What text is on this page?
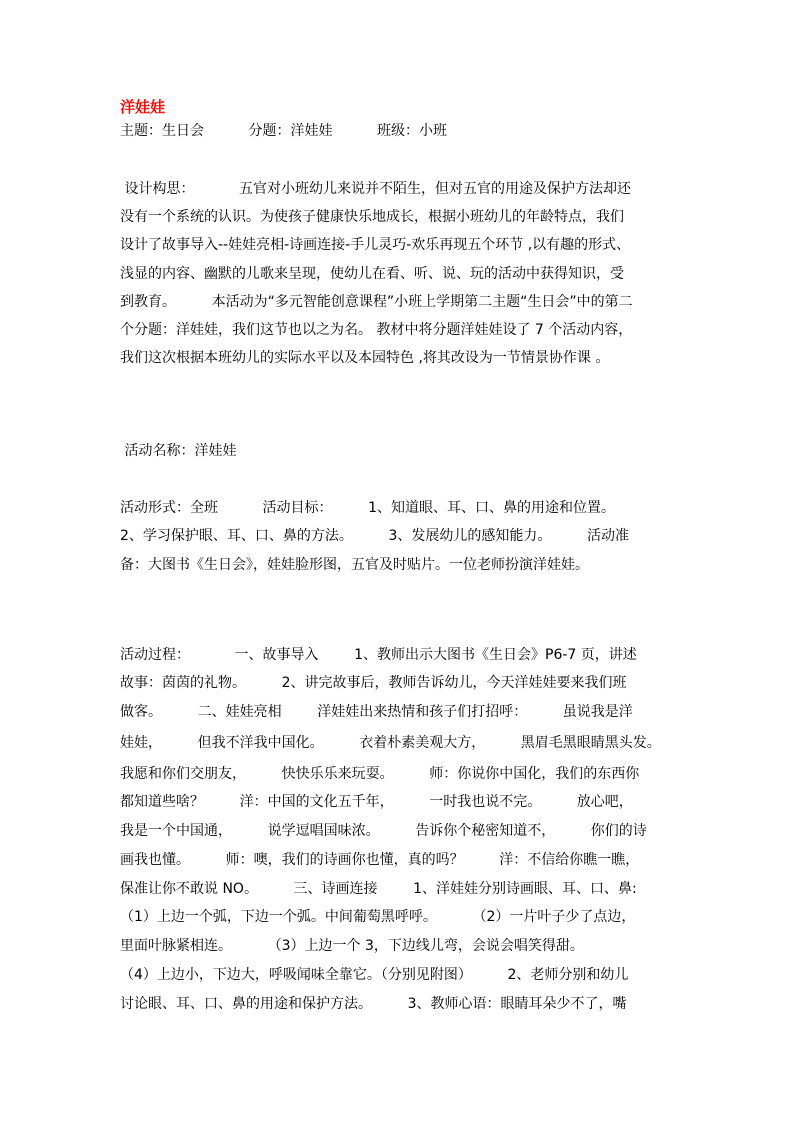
洋娃娃
主题：生日会          分题：洋娃娃          班级：小班
设计构思：          五官对小班幼儿来说并不陌生，但对五官的用途及保护方法却还
没有一个系统的认识。为使孩子健康快乐地成长，根据小班幼儿的年龄特点，我们
设计了故事导入--娃娃亮相-诗画连接-手儿灵巧-欢乐再现五个环节 ,以有趣的形式、
浅显的内容、幽默的儿歌来呈现，使幼儿在看、听、说、玩的活动中获得知识，受
到教育。        本活动为“多元智能创意课程”小班上学期第二主题“生日会”中的第二
个分题：洋娃娃，我们这节也以之为名。 教材中将分题洋娃娃设了 7 个活动内容，
我们这次根据本班幼儿的实际水平以及本园特色 ,将其改设为一节情景协作课 。
活动名称：洋娃娃
活动形式：全班          活动目标：        1、知道眼、耳、口、鼻的用途和位置。
2、学习保护眼、耳、口、鼻的方法。        3、发展幼儿的感知能力。        活动准
备：大图书《生日会》，娃娃脸形图，五官及时贴片。一位老师扮演洋娃娃。
活动过程：          一、故事导入        1、教师出示大图书《生日会》P6-7 页，讲述
故事：茵茵的礼物。        2、讲完故事后，教师告诉幼儿，今天洋娃娃要来我们班
做客。        二、娃娃亮相        洋娃娃出来热情和孩子们打招呼：        虽说我是洋
娃娃，        但我不洋我中国化。        衣着朴素美观大方，        黑眉毛黑眼睛黑头发。
我愿和你们交朋友，        快快乐乐来玩耍。        师：你说你中国化，我们的东西你
都知道些啥？        洋：中国的文化五千年，        一时我也说不完。        放心吧，
我是一个中国通，        说学逗唱国味浓。        告诉你个秘密知道不，        你们的诗
画我也懂。        师：噢，我们的诗画你也懂，真的吗？        洋：不信给你瞧一瞧，
保准让你不敢说 NO。        三、诗画连接        1、洋娃娃分别诗画眼、耳、口、鼻:
（1）上边一个弧，下边一个弧。中间葡萄黑呼呼。        （2）一片叶子少了点边，
里面叶脉紧相连。        （3）上边一个 3，下边线儿弯，会说会唱笑得甜。
（4）上边小，下边大，呼吸闻味全靠它。（分别见附图）        2、老师分别和幼儿
讨论眼、耳、口、鼻的用途和保护方法。        3、教师心语：眼睛耳朵少不了，嘴
